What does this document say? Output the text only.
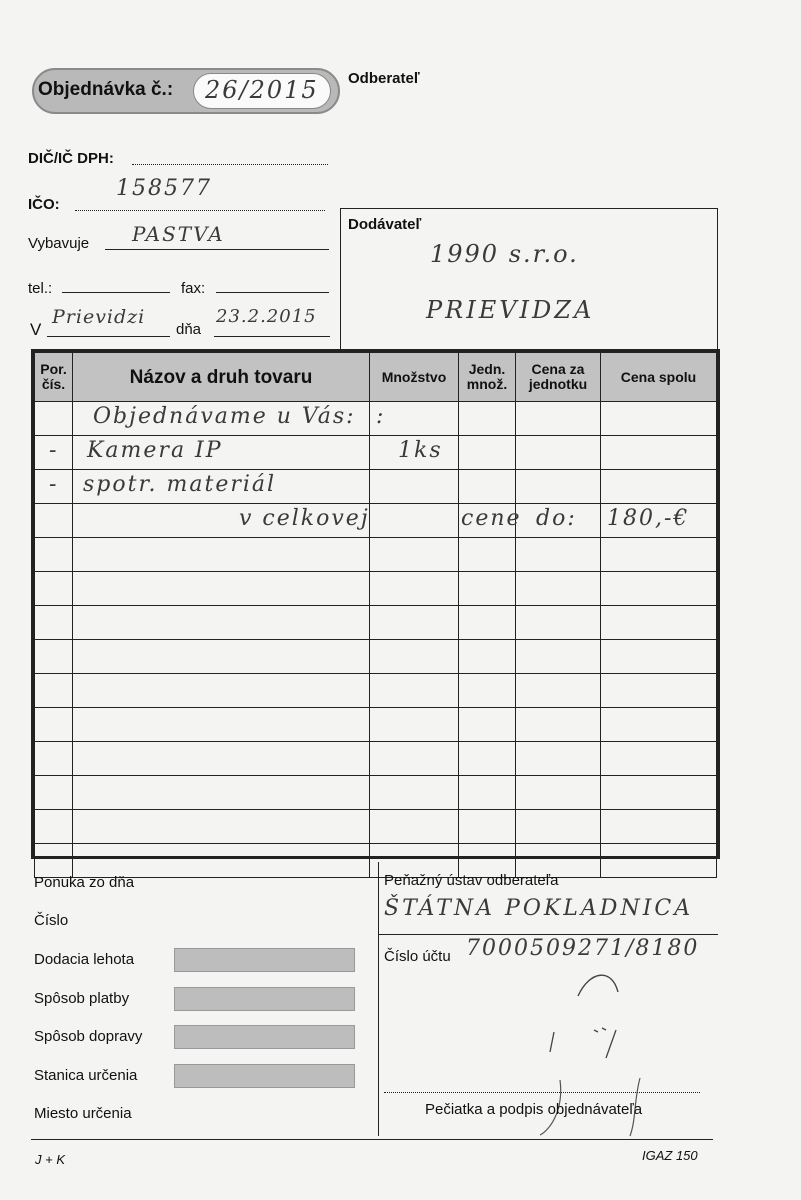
Objednávka č.: 26/2015 Odberateľ
DIČ/IČ DPH:
IČO:
158577
Vybavuje PASTVA
tel.:	fax:
V
Prievidzi
dňa
23.2.2015
Dodávateľ
1990 s.r.o.
PRIEVIDZA
Por. čís.	Názov a druh tovaru	Množstvo	Jedn. množ.	Cena za jednotku	Cena spolu

	Objednávame u Vás:	:			

-	Kamera IP	1ks			

-	spotr. materiál				

	v celkovej		cene	do:	180,-€

Ponuka zo dňa
Číslo
Dodacia lehota
Spôsob platby
Spôsob dopravy
Stanica určenia
Miesto určenia
Peňažný ústav odberateľa
ŠTÁTNA POKLADNICA
Číslo účtu 7000509271/8180
Pečiatka a podpis objednávateľa
J + K	IGAZ 150
